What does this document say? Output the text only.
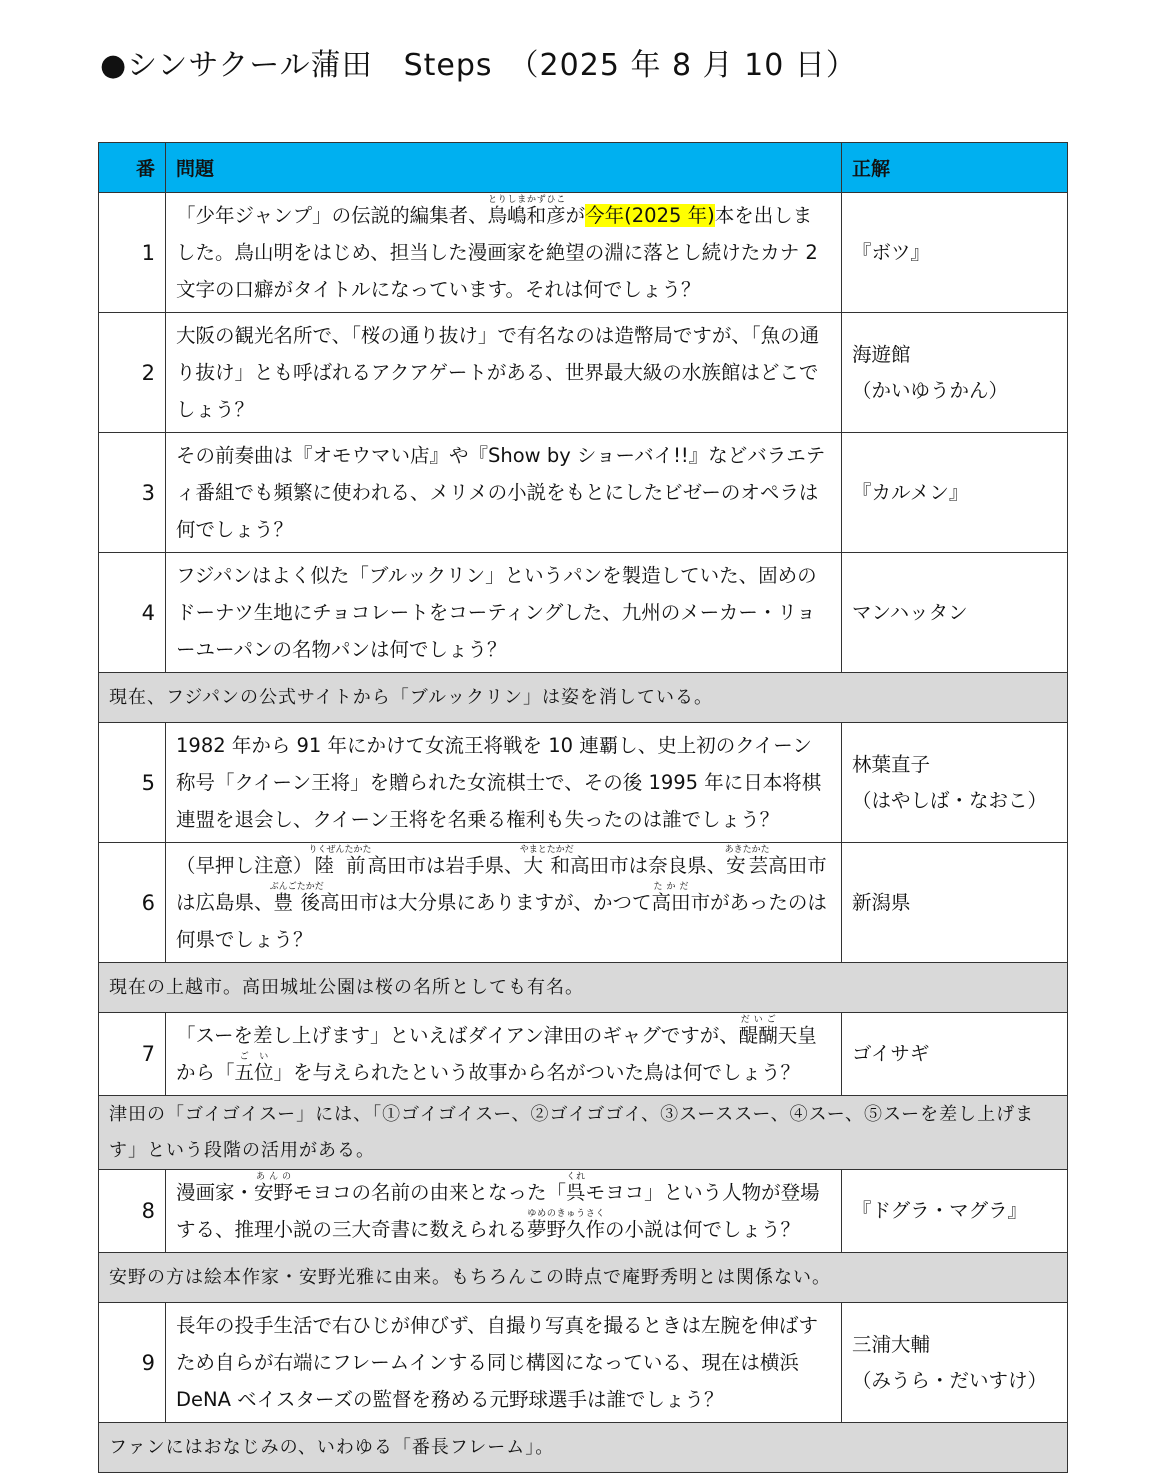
●シンサクール蒲田　Steps　（2025 年 8 月 10 日）
番	問題	正解
1	「少年ジャンプ」の伝説的編集者、鳥嶋和彦とりしまかずひこが今年(2025 年)本を出しました。鳥山明をはじめ、担当した漫画家を絶望の淵に落とし続けたカナ 2 文字の口癖がタイトルになっています。それは何でしょう？	『ボツ』
2	大阪の観光名所で、「桜の通り抜け」で有名なのは造幣局ですが、「魚の通り抜け」とも呼ばれるアクアゲートがある、世界最大級の水族館はどこでしょう？	海遊館
（かいゆうかん）

3	その前奏曲は『オモウマい店』や『Show by ショーバイ!!』などバラエティ番組でも頻繁に使われる、メリメの小説をもとにしたビゼーのオペラは何でしょう？	『カルメン』
4	フジパンはよく似た「ブルックリン」というパンを製造していた、固めのドーナツ生地にチョコレートをコーティングした、九州のメーカー・リョーユーパンの名物パンは何でしょう？	マンハッタン
現在、フジパンの公式サイトから「ブルックリン」は姿を消している。		
5	1982 年から 91 年にかけて女流王将戦を 10 連覇し、史上初のクイーン称号「クイーン王将」を贈られた女流棋士で、その後 1995 年に日本将棋連盟を退会し、クイーン王将を名乗る権利も失ったのは誰でしょう？	林葉直子
（はやしば・なおこ）

6	（早押し注意）陸前りくぜんたかた高田市は岩手県、大和やまとたかだ高田市は奈良県、安芸あきたかた高田市は広島県、豊後ぶんごたかだ高田市は大分県にありますが、かつて高田たかだ市があったのは何県でしょう？	新潟県
現在の上越市。高田城址公園は桜の名所としても有名。		
7	「スーを差し上げます」といえばダイアン津田のギャグですが、醍醐だいご天皇から「五位ごい」を与えられたという故事から名がついた鳥は何でしょう？	ゴイサギ
津田の「ゴイゴイスー」には、「①ゴイゴイスー、②ゴイゴゴイ、③スーススー、④スー、⑤スーを差し上げます」という段階の活用がある。		
8	漫画家・安野あんのモヨコの名前の由来となった「呉くれモヨコ」という人物が登場する、推理小説の三大奇書に数えられる夢野久作ゆめのきゅうさくの小説は何でしょう？	『ドグラ・マグラ』
安野の方は絵本作家・安野光雅に由来。もちろんこの時点で庵野秀明とは関係ない。		
9	長年の投手生活で右ひじが伸びず、自撮り写真を撮るときは左腕を伸ばすため自らが右端にフレームインする同じ構図になっている、現在は横浜 DeNA ベイスターズの監督を務める元野球選手は誰でしょう？	三浦大輔
（みうら・だいすけ）

ファンにはおなじみの、いわゆる「番長フレーム」。		
